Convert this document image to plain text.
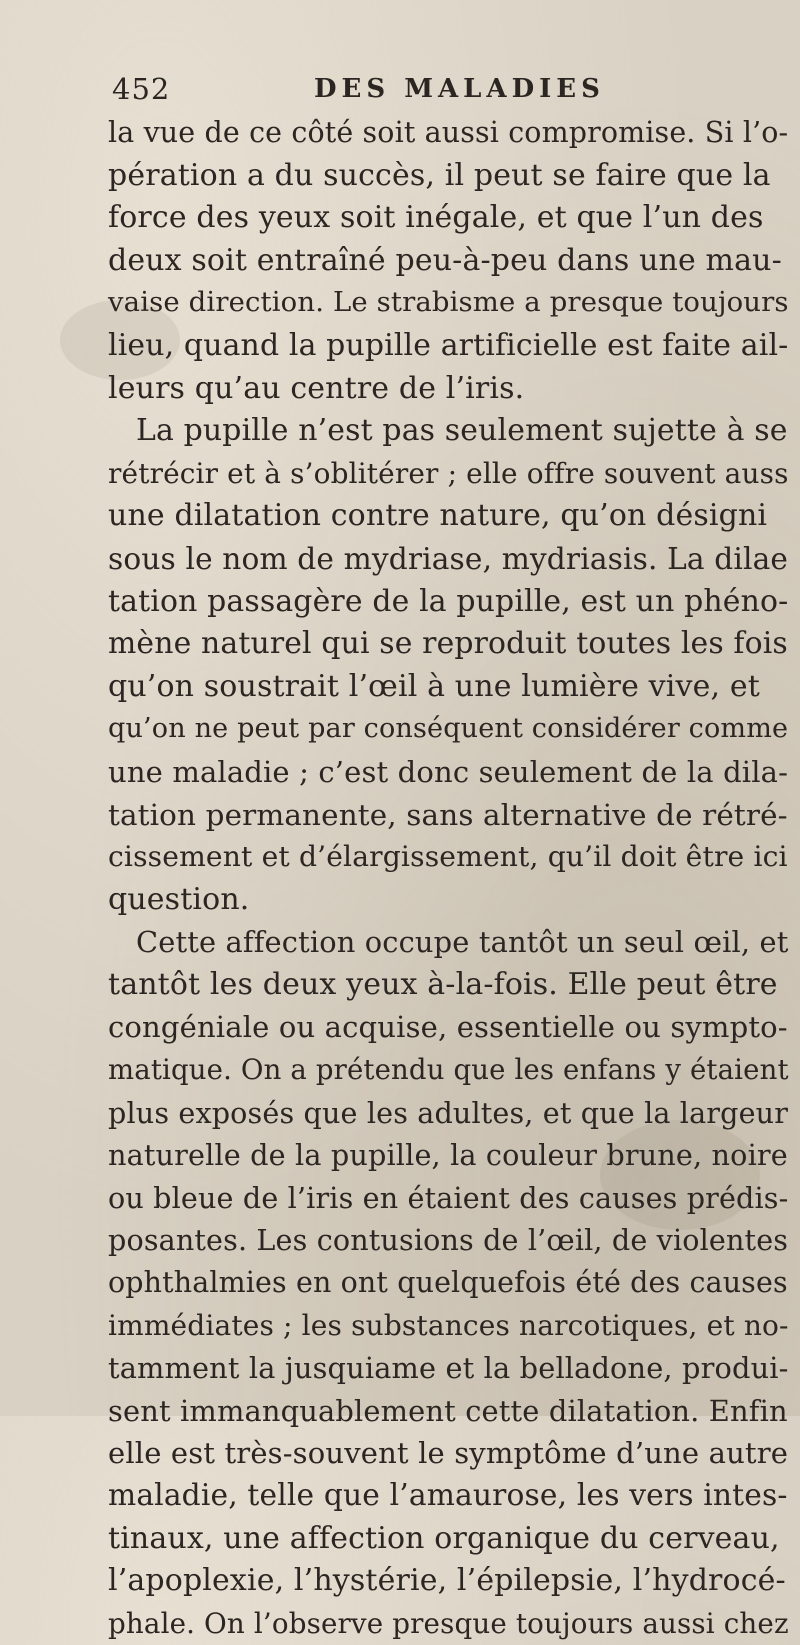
452	DES MALADIES
la vue de ce côté soit aussi compromise. Si l’o-
pération a du succès, il peut se faire que la
force des yeux soit inégale, et que l’un des
deux soit entraîné peu-à-peu dans une mau-
vaise direction. Le strabisme a presque toujours
lieu, quand la pupille artificielle est faite ail-
leurs qu’au centre de l’iris.
La pupille n’est pas seulement sujette à se
rétrécir et à s’oblitérer ; elle offre souvent auss
une dilatation contre nature, qu’on désigni
sous le nom de mydriase, mydriasis. La dilae
tation passagère de la pupille, est un phéno-
mène naturel qui se reproduit toutes les fois
qu’on soustrait l’œil à une lumière vive, et
qu’on ne peut par conséquent considérer comme
une maladie ; c’est donc seulement de la dila-
tation permanente, sans alternative de rétré-
cissement et d’élargissement, qu’il doit être ici
question.
Cette affection occupe tantôt un seul œil, et
tantôt les deux yeux à-la-fois. Elle peut être
congéniale ou acquise, essentielle ou sympto-
matique. On a prétendu que les enfans y étaient
plus exposés que les adultes, et que la largeur
naturelle de la pupille, la couleur brune, noire
ou bleue de l’iris en étaient des causes prédis-
posantes. Les contusions de l’œil, de violentes
ophthalmies en ont quelquefois été des causes
immédiates ; les substances narcotiques, et no-
tamment la jusquiame et la belladone, produi-
sent immanquablement cette dilatation. Enfin
elle est très-souvent le symptôme d’une autre
maladie, telle que l’amaurose, les vers intes-
tinaux, une affection organique du cerveau,
l’apoplexie, l’hystérie, l’épilepsie, l’hydrocé-
phale. On l’observe presque toujours aussi chez
